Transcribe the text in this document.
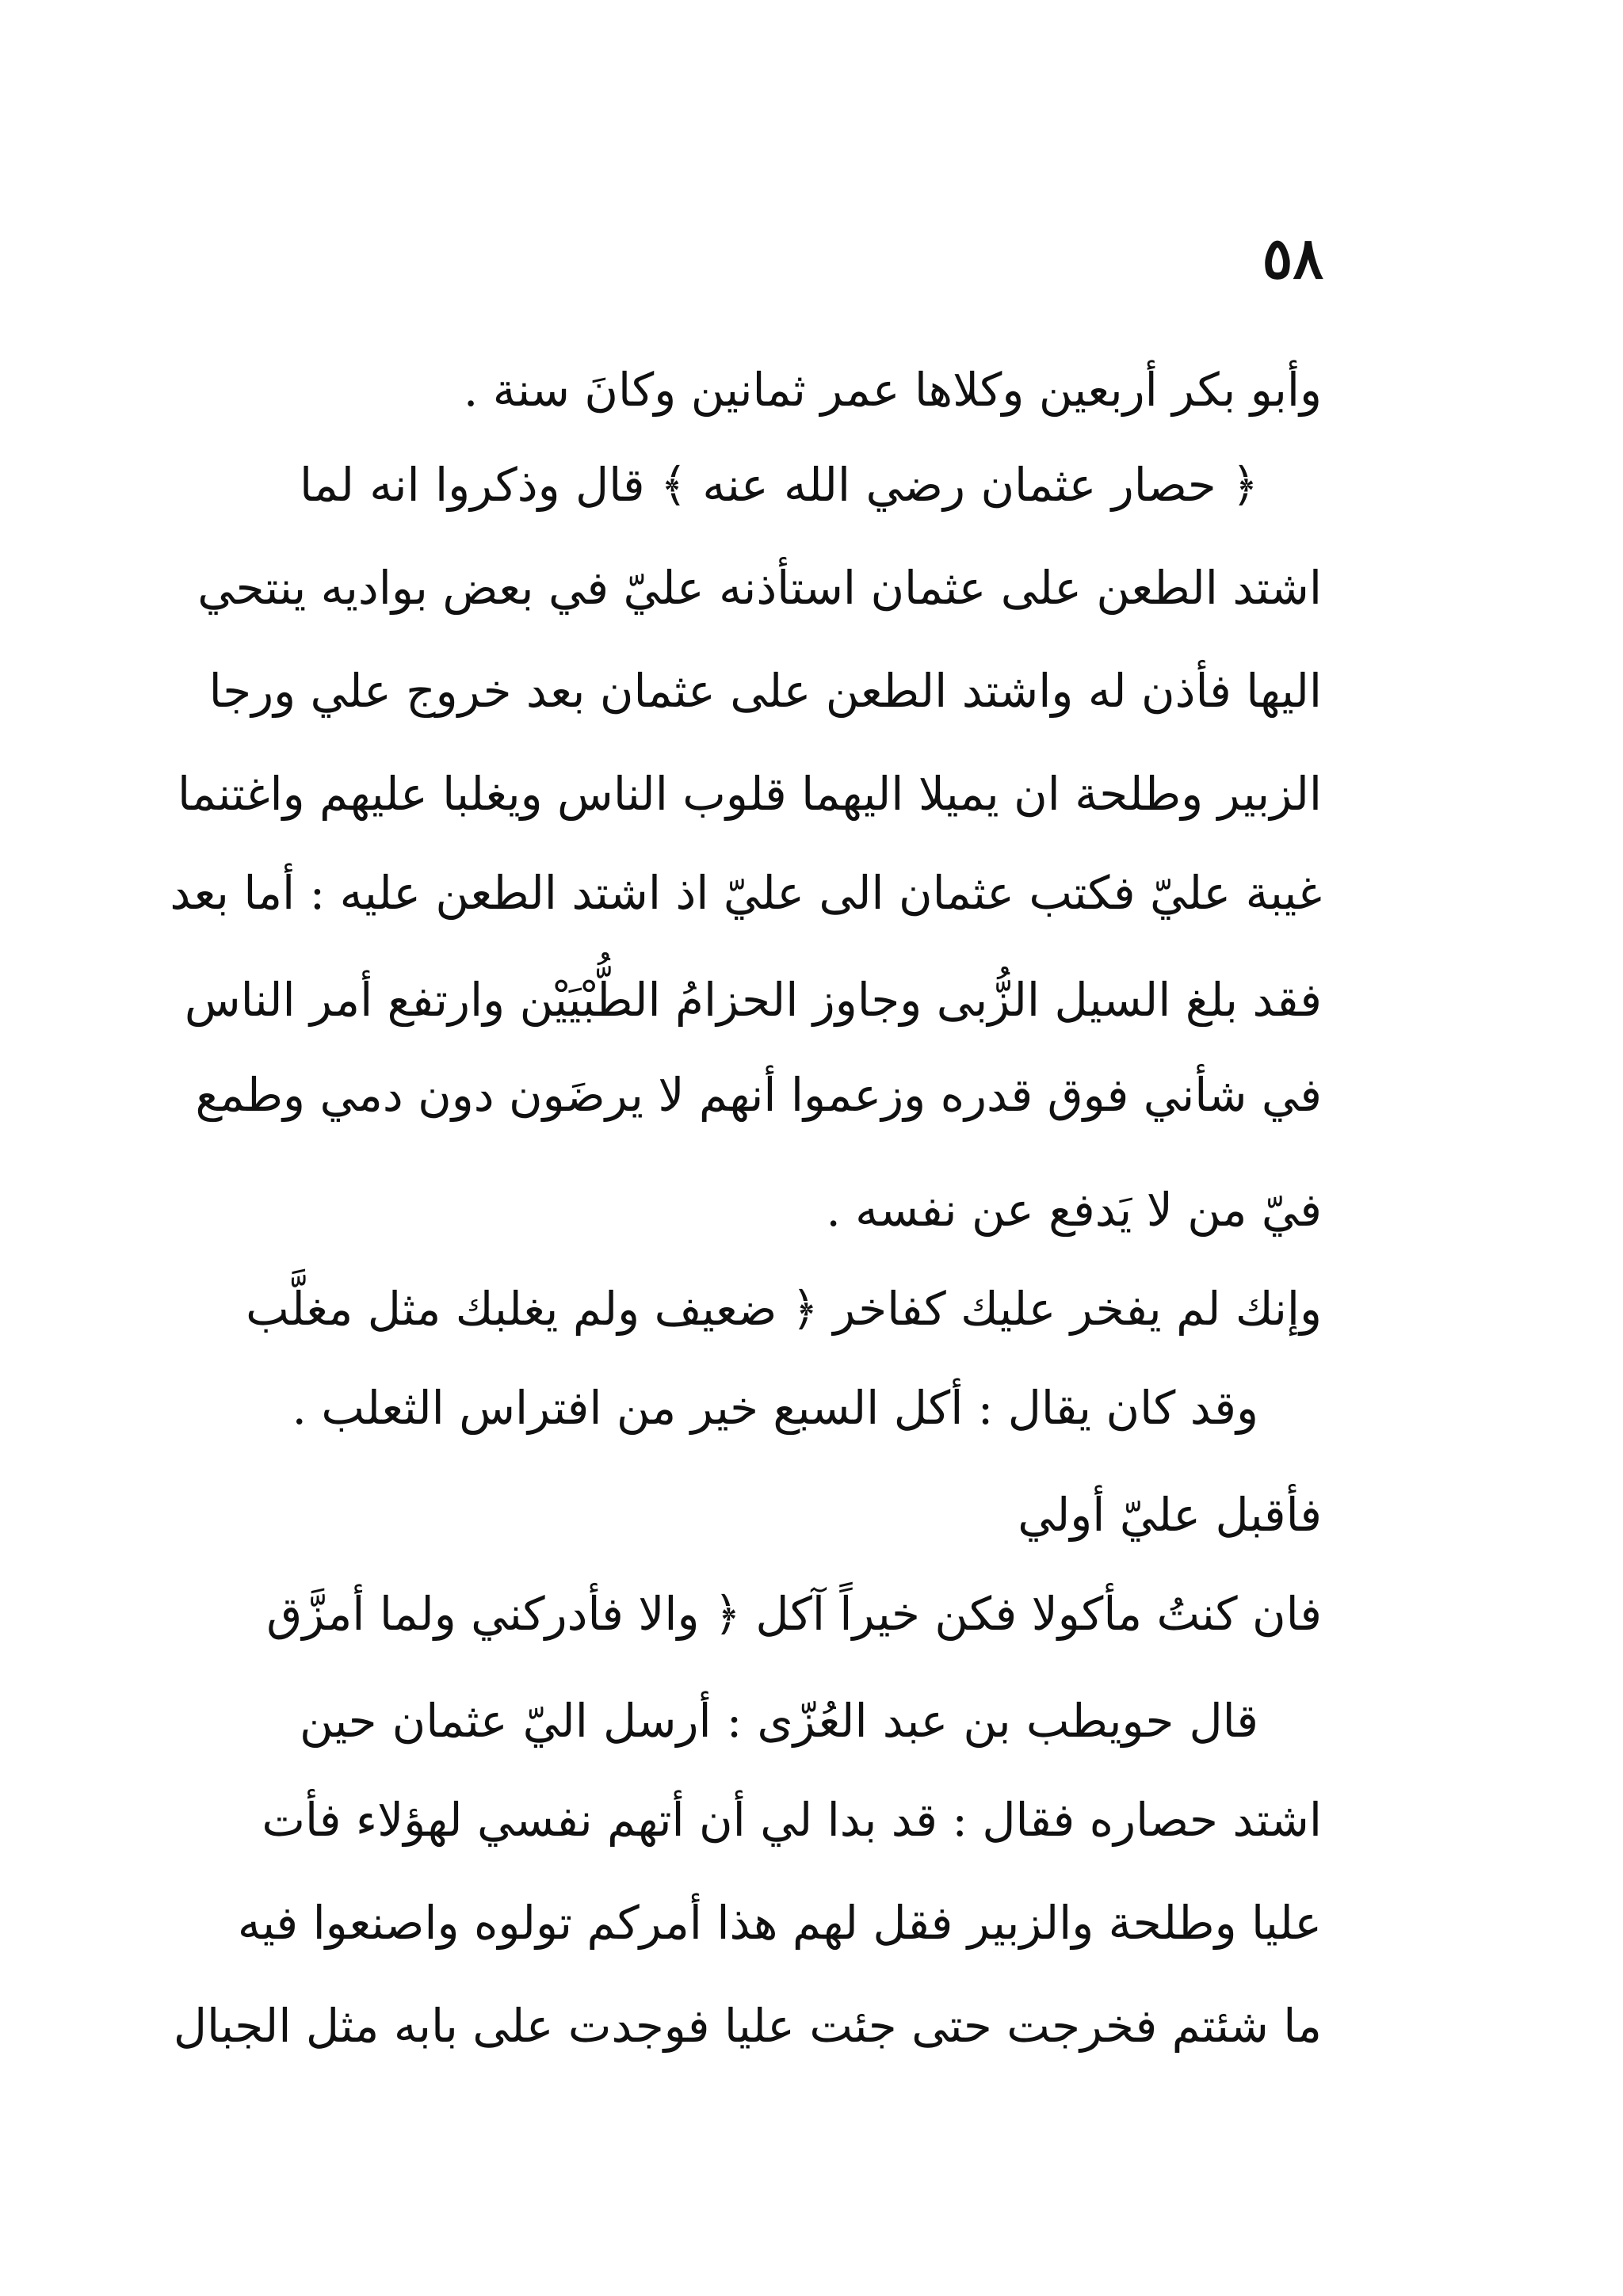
٥٨
وأبو بكر أربعين وكلاها عمر ثمانين وكانَ سنة .
﴿ حصار عثمان رضي الله عنه ﴾ قال وذكروا انه لما
اشتد الطعن على عثمان استأذنه عليّ في بعض بواديه ينتحي
اليها فأذن له واشتد الطعن على عثمان بعد خروج علي ورجا
الزبير وطلحة ان يميلا اليهما قلوب الناس ويغلبا عليهم واغتنما
غيبة عليّ فكتب عثمان الى عليّ اذ اشتد الطعن عليه : أما بعد
فقد بلغ السيل الزُّبى وجاوز الحزامُ الطُّبْيَيْن وارتفع أمر الناس
في شأني فوق قدره وزعموا أنهم لا يرضَون دون دمي وطمع
فيّ من لا يَدفع عن نفسه .
وإنك لم يفخر عليك كفاخر ﴿ ضعيف ولم يغلبك مثل مغلَّب
وقد كان يقال : أكل السبع خير من افتراس الثعلب .
فأقبل عليّ أولي
فان كنتُ مأكولا فكن خيراً آكل ﴿ والا فأدركني ولما أمزَّق
قال حويطب بن عبد العُزّى : أرسل اليّ عثمان حين
اشتد حصاره فقال : قد بدا لي أن أتهم نفسي لهؤلاء فأت
عليا وطلحة والزبير فقل لهم هذا أمركم تولوه واصنعوا فيه
ما شئتم فخرجت حتى جئت عليا فوجدت على بابه مثل الجبال
